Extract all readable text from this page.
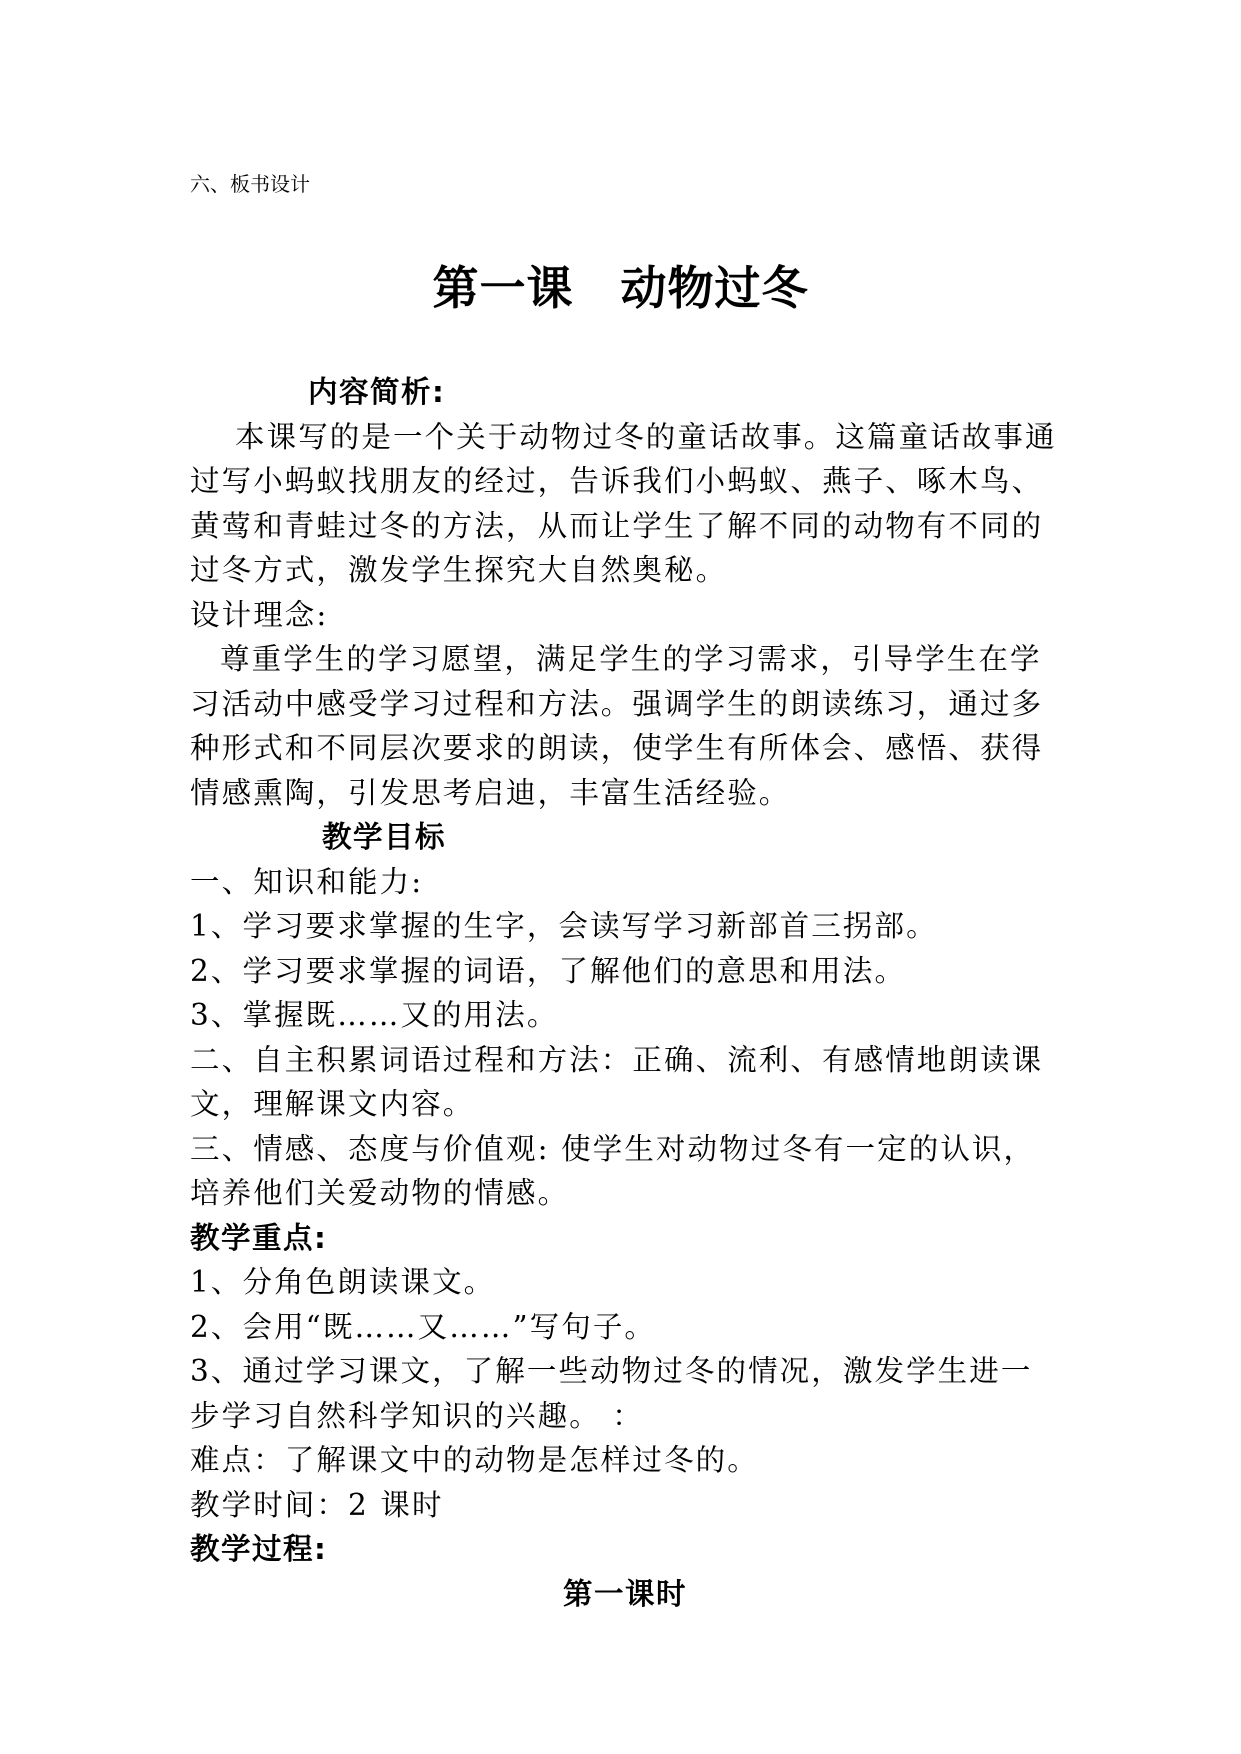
六、板书设计
第一课　动物过冬

内容简析:

本课写的是一个关于动物过冬的童话故事。这篇童话故事通过写小蚂蚁找朋友的经过，告诉我们小蚂蚁、燕子、啄木鸟、黄莺和青蛙过冬的方法，从而让学生了解不同的动物有不同的过冬方式，激发学生探究大自然奥秘。

设计理念:

尊重学生的学习愿望，满足学生的学习需求，引导学生在学习活动中感受学习过程和方法。强调学生的朗读练习，通过多种形式和不同层次要求的朗读，使学生有所体会、感悟、获得情感熏陶，引发思考启迪，丰富生活经验。

教学目标

一、知识和能力:

1、学习要求掌握的生字，会读写学习新部首三拐部。

2、学习要求掌握的词语，了解他们的意思和用法。

3、掌握既……又的用法。

二、自主积累词语过程和方法：正确、流利、有感情地朗读课文，理解课文内容。

三、情感、态度与价值观: 使学生对动物过冬有一定的认识，培养他们关爱动物的情感。

教学重点:

1、分角色朗读课文。

2、会用“既……又……”写句子。

3、通过学习课文，了解一些动物过冬的情况，激发学生进一步学习自然科学知识的兴趣。 ：

难点：了解课文中的动物是怎样过冬的。

教学时间：2 课时

教学过程:

第一课时
